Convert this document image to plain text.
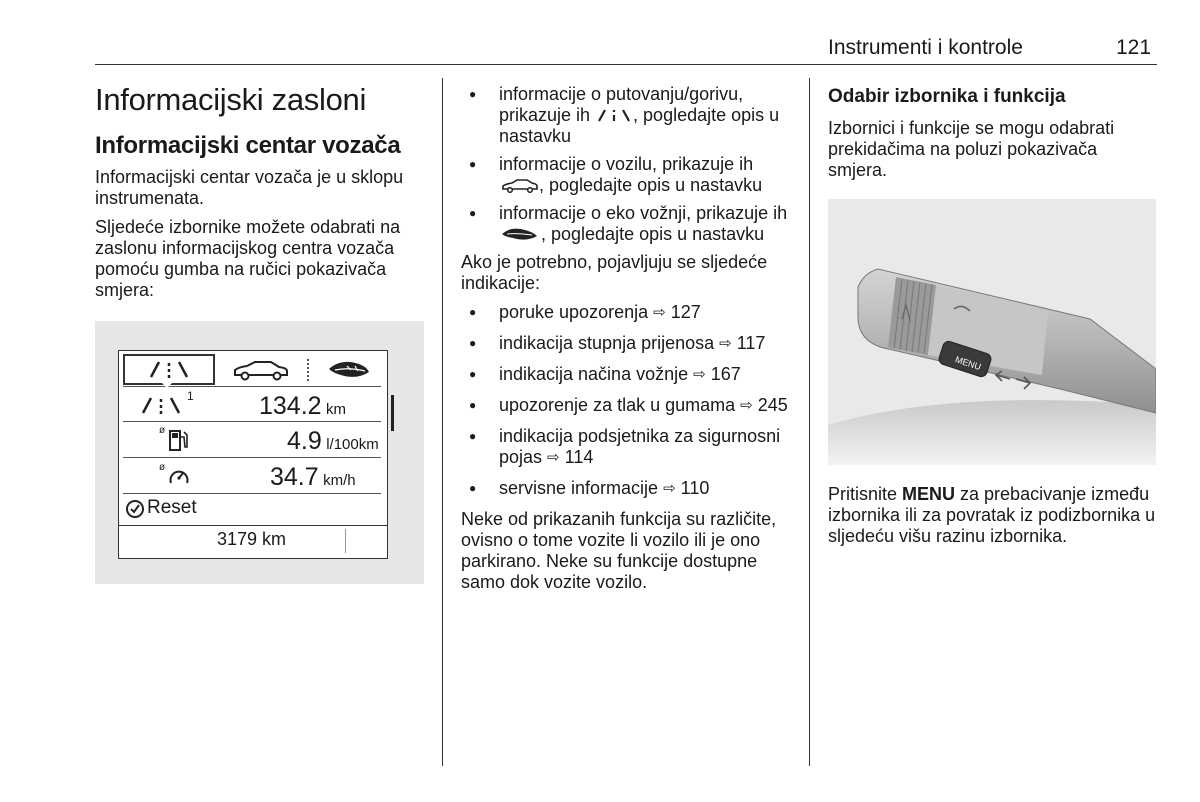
Instrumenti i kontrole	121
Informacijski zasloni
Informacijski centar vozača

Informacijski centar vozača je u sklopu instrumenata.

Sljedeće izbornike možete odabrati na zaslonu informacijskog centra vozača pomoću gumba na ručici pokazivača smjera:

1	134.2 km
ø	4.9 l/100km
ø	34.7 km/h
Reset
3179 km
● informacije o putovanju/gorivu, prikazuje ih , pogledajte opis u nastavku
● informacije o vozilu, prikazuje ih , pogledajte opis u nastavku
● informacije o eko vožnji, prikazuje ih , pogledajte opis u nastavku

Ako je potrebno, pojavljuju se sljedeće indikacije:

● poruke upozorenja ⇨ 127
● indikacija stupnja prijenosa ⇨ 117
● indikacija načina vožnje ⇨ 167
● upozorenje za tlak u gumama ⇨ 245
● indikacija podsjetnika za sigurnosni pojas ⇨ 114
● servisne informacije ⇨ 110

Neke od prikazanih funkcija su različite, ovisno o tome vozite li vozilo ili je ono parkirano. Neke su funkcije dostupne samo dok vozite vozilo.

Odabir izbornika i funkcija

Izbornici i funkcije se mogu odabrati prekidačima na poluzi pokazivača smjera.

MENU

Pritisnite MENU za prebacivanje između izbornika ili za povratak iz podizbornika u sljedeću višu razinu izbornika.
